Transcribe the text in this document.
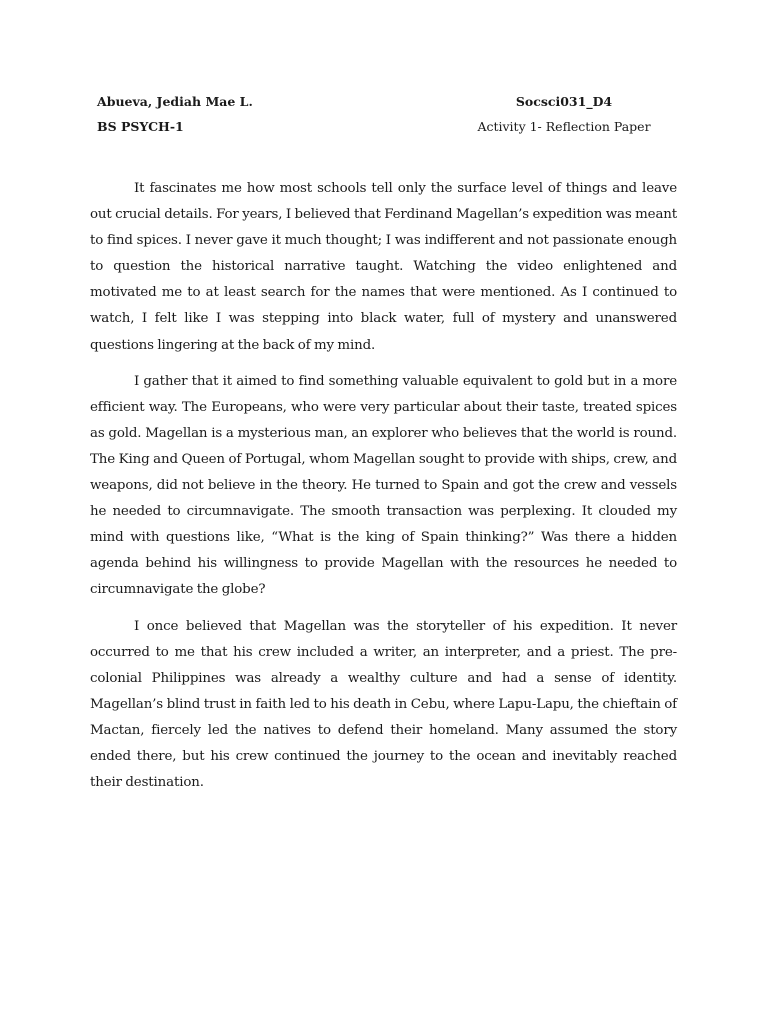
Abueva, Jediah Mae L.	Socsci031_D4
BS PSYCH-1	Activity 1- Reflection Paper

It fascinates me how most schools tell only the surface level of things and leave out crucial details. For years, I believed that Ferdinand Magellan’s expedition was meant to find spices. I never gave it much thought; I was indifferent and not passionate enough to question the historical narrative taught. Watching the video enlightened and motivated me to at least search for the names that were mentioned. As I continued to watch, I felt like I was stepping into black water, full of mystery and unanswered questions lingering at the back of my mind.

I gather that it aimed to find something valuable equivalent to gold but in a more efficient way. The Europeans, who were very particular about their taste, treated spices as gold. Magellan is a mysterious man, an explorer who believes that the world is round. The King and Queen of Portugal, whom Magellan sought to provide with ships, crew, and weapons, did not believe in the theory. He turned to Spain and got the crew and vessels he needed to circumnavigate. The smooth transaction was perplexing. It clouded my mind with questions like, “What is the king of Spain thinking?” Was there a hidden agenda behind his willingness to provide Magellan with the resources he needed to circumnavigate the globe?

I once believed that Magellan was the storyteller of his expedition. It never occurred to me that his crew included a writer, an interpreter, and a priest. The pre-colonial Philippines was already a wealthy culture and had a sense of identity. Magellan’s blind trust in faith led to his death in Cebu, where Lapu-Lapu, the chieftain of Mactan, fiercely led the natives to defend their homeland. Many assumed the story ended there, but his crew continued the journey to the ocean and inevitably reached their destination.
